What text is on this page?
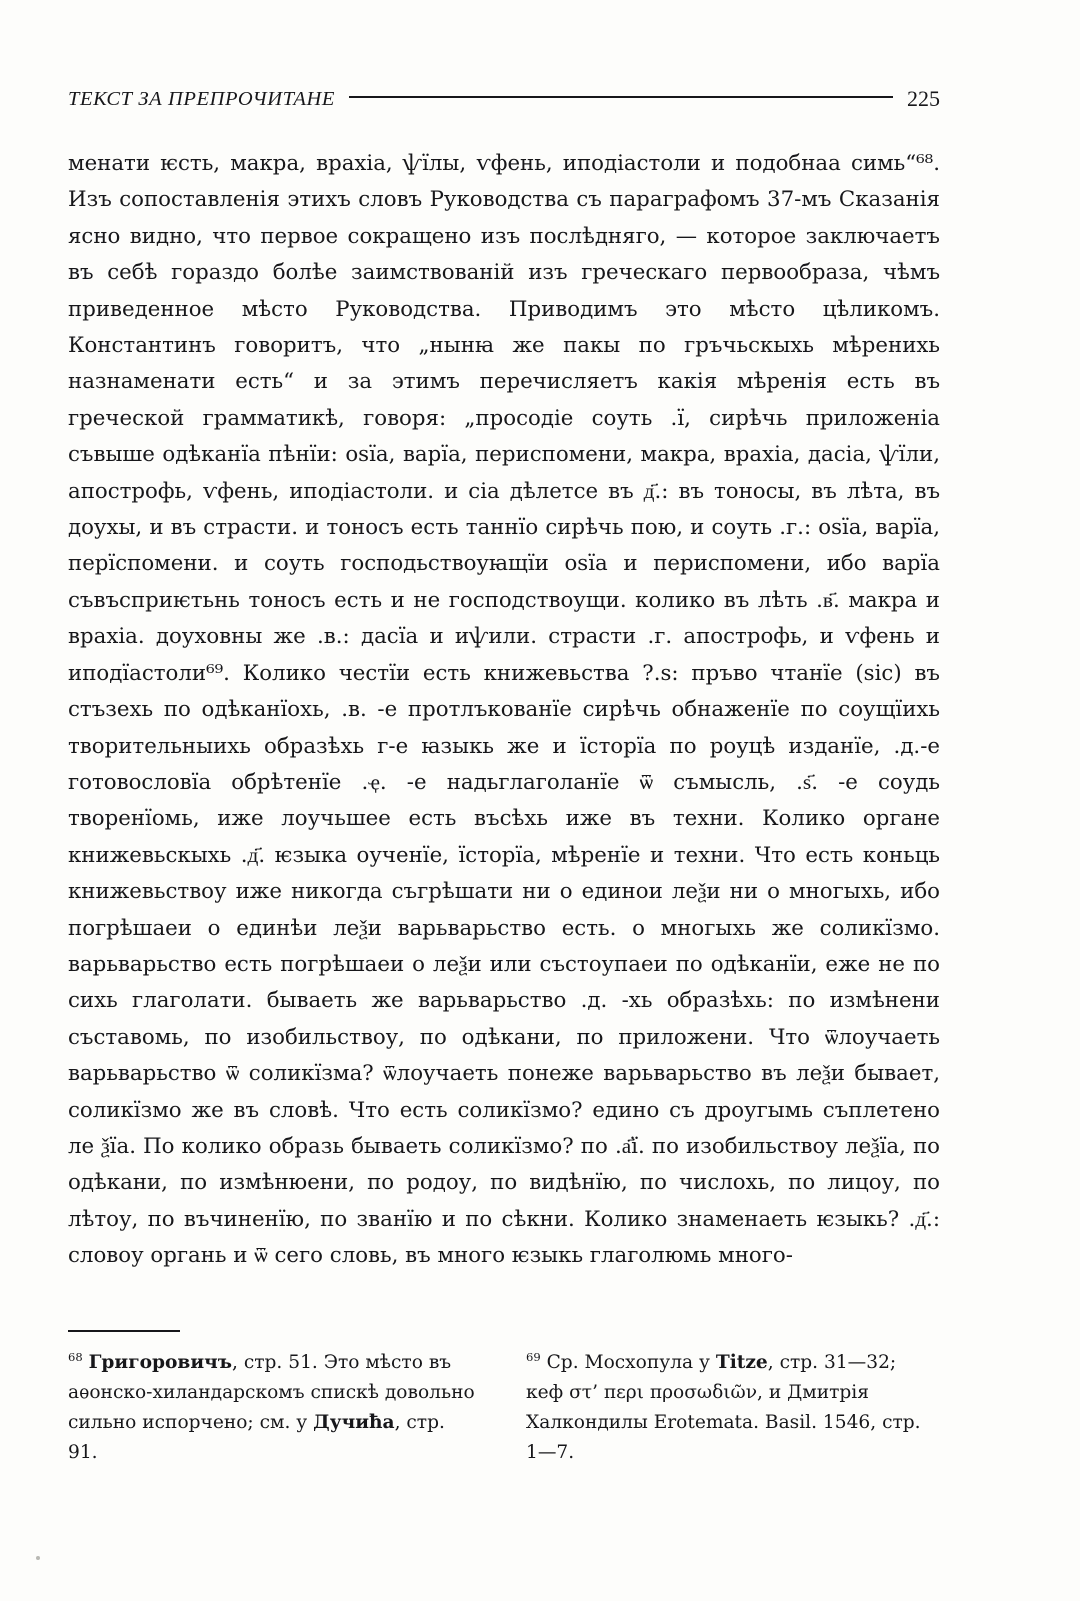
ТЕКСТ ЗА ПРЕПРОЧИТАНЕ	225

менати ѥсть, макра, врахіа, ѱїлы, ѵфень, иподіастоли и подобнаа симь“⁶⁸. Изъ сопоставленія этихъ словъ Руководства съ параграфомъ 37-мъ Сказанія ясно видно, что первое сокращено изъ послѣдняго, — которое заключаетъ въ себѣ гораздо болѣе заимствованій изъ греческаго первообраза, чѣмъ приведенное мѣсто Руководства. Приводимъ это мѣсто цѣликомъ. Константинъ говоритъ, что „нынꙗ же пакы по гръчьскыхь мѣренихь назнаменати есть“ и за этимъ перечисляетъ какія мѣренія есть въ греческой грамматикѣ, говоря: „просодіе соуть .ї, сирѣчь приложеніа съвыше одѣканїа пѣнїи: оѕїа, варїа, периспомени, макра, врахіа, дасіа, ѱїли, апострофь, ѵфень, иподіастоли. и сіа дѣлетсе въ д҃.: въ тоносы, въ лѣта, въ доухы, и въ страсти. и тоносъ есть таннїо сирѣчь пою, и соуть .г.: оѕїа, варїа, перїспомени. и соуть господьствоуꙗщїи оѕїа и периспомени, ибо варїа съвъсприѥтьнь тоносъ есть и не господствоущи. колико въ лѣть .в҃. макра и врахіа. доуховны же .в.: дасїа и иѱили. страсти .г. апострофь, и ѵфень и иподїастоли⁶⁹. Колико честїи есть книжевьства ?.ѕ: пръво чтанїе (sic) въ стъзехь по одѣканїохь, .в. -е протлъкованїе сирѣчь обнаженїе по соущїихь творительныихь образѣхь г-е ꙗзыкь же и їсторїа по роуцѣ изданїе, .д.-е готовословїа обрѣтенїе .ҿ. -е надьглаголанїе ѿ съмысль, .ѕ҃. -е соудь творенїомь, иже лоучьшее есть въсѣхь иже въ техни. Колико органе книжевьскыхь .д҃. ѥзыка оученїе, їсторїа, мѣренїе и техни. Что есть коньць книжевьствоу иже никогда съгрѣшати ни о единои леѯи ни о многыхь, ибо погрѣшаеи о единѣи леѯи варьварьство есть. о многыхь же соликїзмо. варьварьство есть погрѣшаеи о леѯи или състоупаеи по одѣканїи, еже не по сихь глаголати. бываеть же варьварьство .д. -хь образѣхь: по измѣнени съставомь, по изобильствоу, по одѣкани, по приложени. Что ѿлоучаеть варьварьство ѿ соликїзма? ѿлоучаеть понеже варьварьство въ леѯи бывает, соликїзмо же въ словѣ. Что есть соликїзмо? едино съ дроугымь съплетено ле ѯїа. По колико образь бываеть соликїзмо? по .а҃ї. по изобильствоу леѯїа, по одѣкани, по измѣнюени, по родоу, по видѣнїю, по числохь, по лицоу, по лѣтоу, по въчиненїю, по званїю и по сѣкни. Колико знаменаеть ѥзыкь? .д҃.: словоу органь и ѿ сего словь, въ много ѥзыкь глаголюмь много-

$^{68}$ Григоровичъ, стр. 51. Это мѣсто въ аѳонско-хиландарскомъ спискѣ довольно сильно испорчено; см. у Дучиħа, стр. 91.

$^{69}$ Ср. Мосхопула у Titze, стр. 31—32; кеф στ’ περι προσωδιῶν, и Дмитрія Халкондилы Erotemata. Basil. 1546, стр. 1—7.
